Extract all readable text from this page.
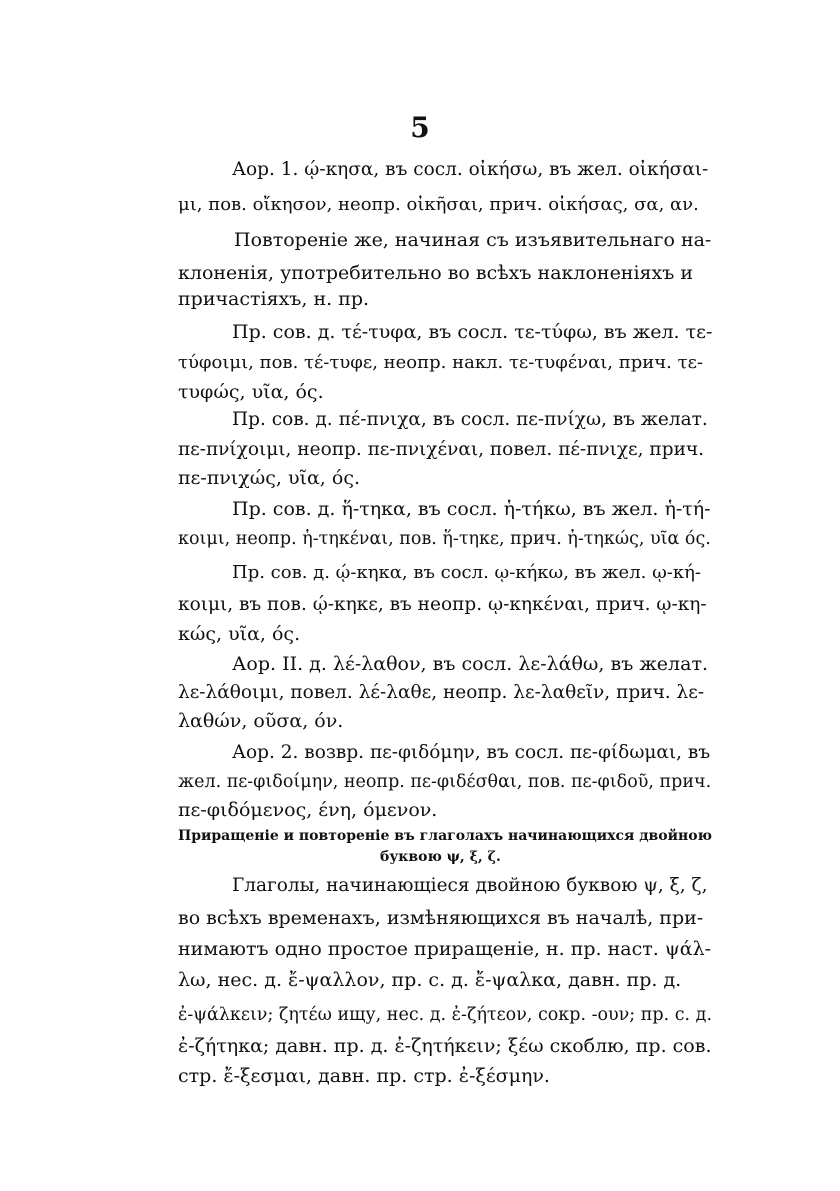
5
Аор. 1. ῴ-κησα, въ сосл. οἰκήσω, въ жел. οἰκήσαι-
μι, пов. οἴκησον, неопр. οἰκῆσαι, прич. οἰκήσας, σα, αν.
Повтореніе же, начиная съ изъявительнаго на-
клоненія, употребительно во всѣхъ наклоненіяхъ и
причастіяхъ, н. пр.
Пр. сов. д. τέ-τυφα, въ сосл. τε-τύφω, въ жел. τε-
τύφοιμι, пов. τέ-τυφε, неопр. накл. τε-τυφέναι, прич. τε-
τυφώς, υῖα, ός.
Пр. сов. д. πέ-πνιχα, въ сосл. πε-πνίχω, въ желат.
πε-πνίχοιμι, неопр. πε-πνιχέναι, повел. πέ-πνιχε, прич.
πε-πνιχώς, υῖα, ός.
Пр. сов. д. ἥ-τηκα, въ сосл. ἡ-τήκω, въ жел. ἡ-τή-
κοιμι, неопр. ἡ-τηκέναι, пов. ἥ-τηκε, прич. ἡ-τηκώς, υῖα ός.
Пр. сов. д. ῴ-κηκα, въ сосл. ῳ-κήκω, въ жел. ῳ-κή-
κοιμι, въ пов. ῴ-κηκε, въ неопр. ῳ-κηκέναι, прич. ῳ-κη-
κώς, υῖα, ός.
Аор. II. д. λέ-λαθον, въ сосл. λε-λάθω, въ желат.
λε-λάθοιμι, повел. λέ-λαθε, неопр. λε-λαθεῖν, прич. λε-
λαθών, οῦσα, όν.
Аор. 2. возвр. πε-φιδόμην, въ сосл. πε-φίδωμαι, въ
жел. πε-φιδοίμην, неопр. πε-φιδέσθαι, пов. πε-φιδοῦ, прич.
πε-φιδόμενος, ένη, όμενον.
Приращеніе и повтореніе въ глаголахъ начинающихся двойною
буквою ψ, ξ, ζ.
Глаголы, начинающіеся двойною буквою ψ, ξ, ζ,
во всѣхъ временахъ, измѣняющихся въ началѣ, при-
нимаютъ одно простое приращеніе, н. пр. наст. ψάλ-
λω, нес. д. ἔ-ψαλλον, пр. с. д. ἔ-ψαλκα, давн. пр. д.
ἐ-ψάλκειν; ζητέω ищу, нес. д. ἐ-ζήτεον, сокр. -ουν; пр. с. д.
ἐ-ζήτηκα; давн. пр. д. ἐ-ζητήκειν; ξέω скоблю, пр. сов.
стр. ἔ-ξεσμαι, давн. пр. стр. ἐ-ξέσμην.
